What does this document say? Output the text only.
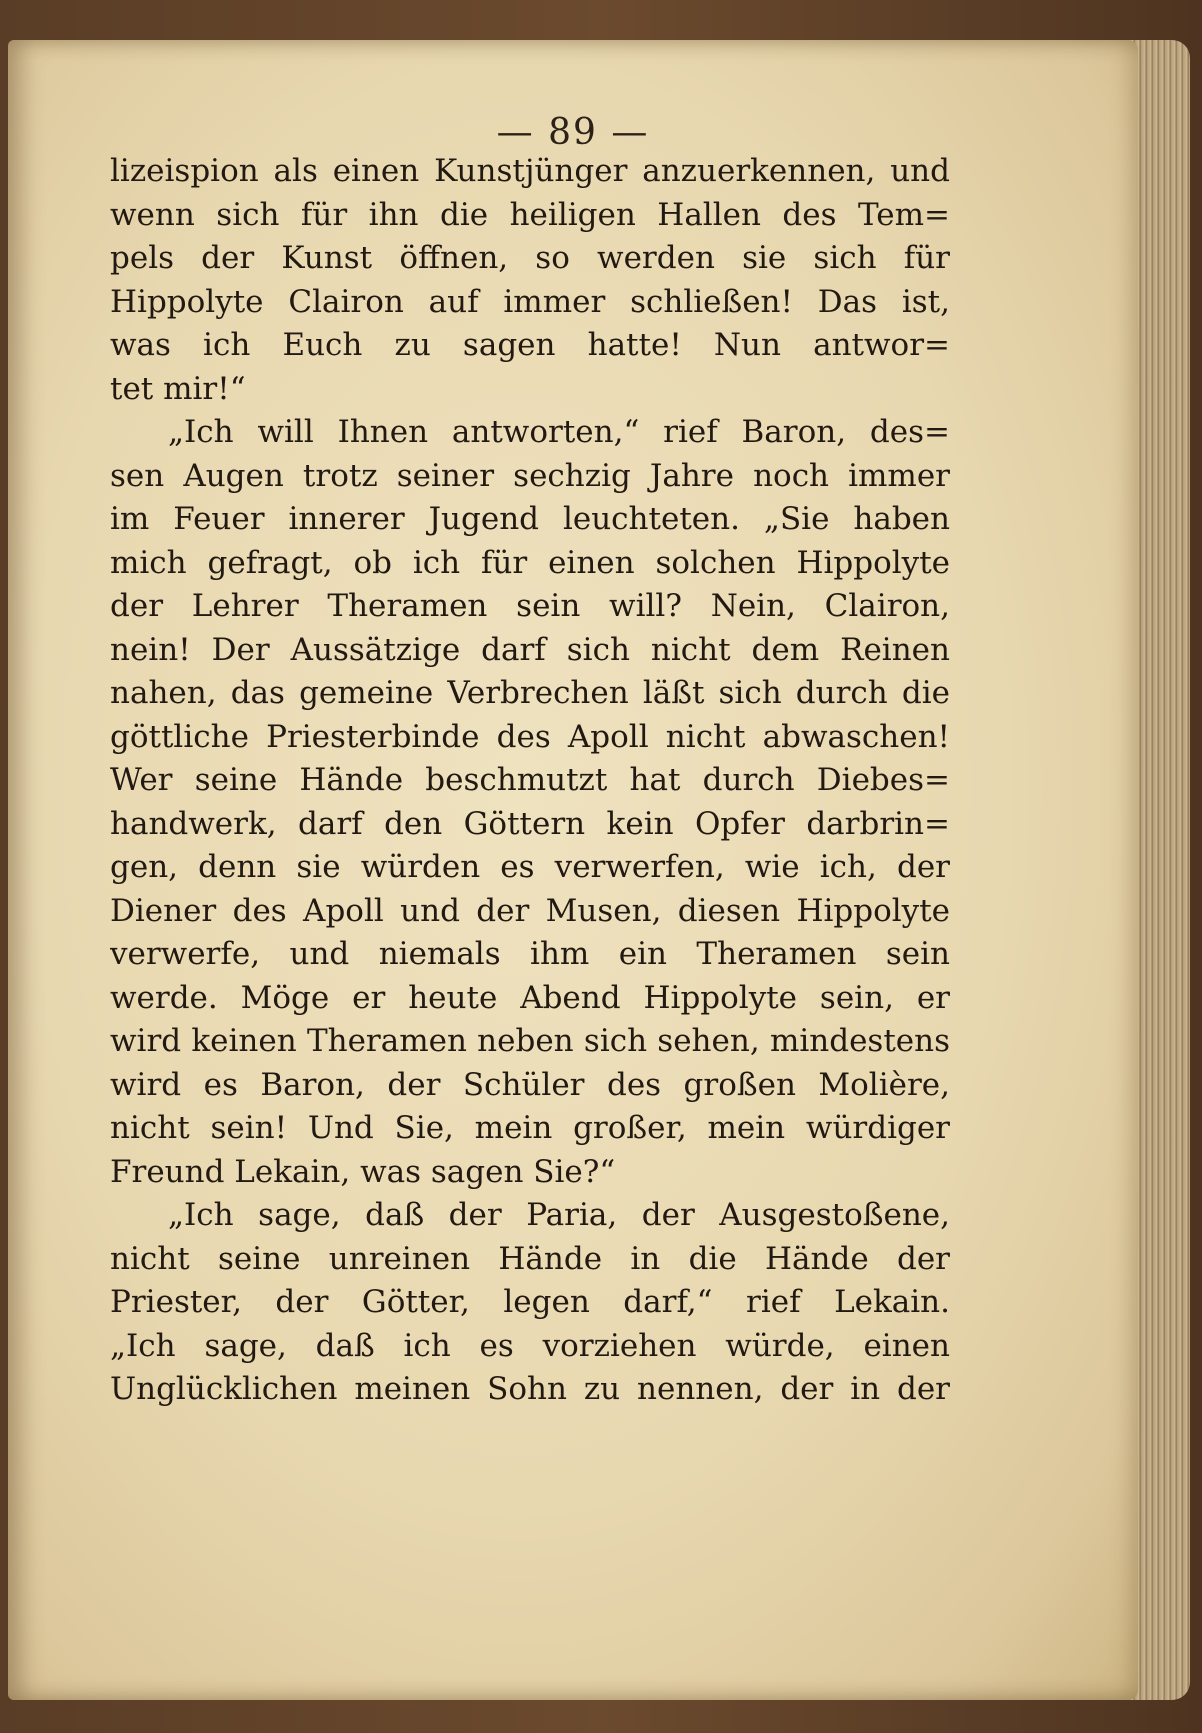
— 89 —
lizeispion als einen Kunstjünger anzuerkennen, und
wenn sich für ihn die heiligen Hallen des Tem=
pels der Kunst öffnen, so werden sie sich für
Hippolyte Clairon auf immer schließen! Das ist,
was ich Euch zu sagen hatte! Nun antwor=
tet mir!“
„Ich will Ihnen antworten,“ rief Baron, des=
sen Augen trotz seiner sechzig Jahre noch immer
im Feuer innerer Jugend leuchteten. „Sie haben
mich gefragt, ob ich für einen solchen Hippolyte
der Lehrer Theramen sein will? Nein, Clairon,
nein! Der Aussätzige darf sich nicht dem Reinen
nahen, das gemeine Verbrechen läßt sich durch die
göttliche Priesterbinde des Apoll nicht abwaschen!
Wer seine Hände beschmutzt hat durch Diebes=
handwerk, darf den Göttern kein Opfer darbrin=
gen, denn sie würden es verwerfen, wie ich, der
Diener des Apoll und der Musen, diesen Hippolyte
verwerfe, und niemals ihm ein Theramen sein
werde. Möge er heute Abend Hippolyte sein, er
wird keinen Theramen neben sich sehen, mindestens
wird es Baron, der Schüler des großen Molière,
nicht sein! Und Sie, mein großer, mein würdiger
Freund Lekain, was sagen Sie?“
„Ich sage, daß der Paria, der Ausgestoßene,
nicht seine unreinen Hände in die Hände der
Priester, der Götter, legen darf,“ rief Lekain.
„Ich sage, daß ich es vorziehen würde, einen
Unglücklichen meinen Sohn zu nennen, der in der
